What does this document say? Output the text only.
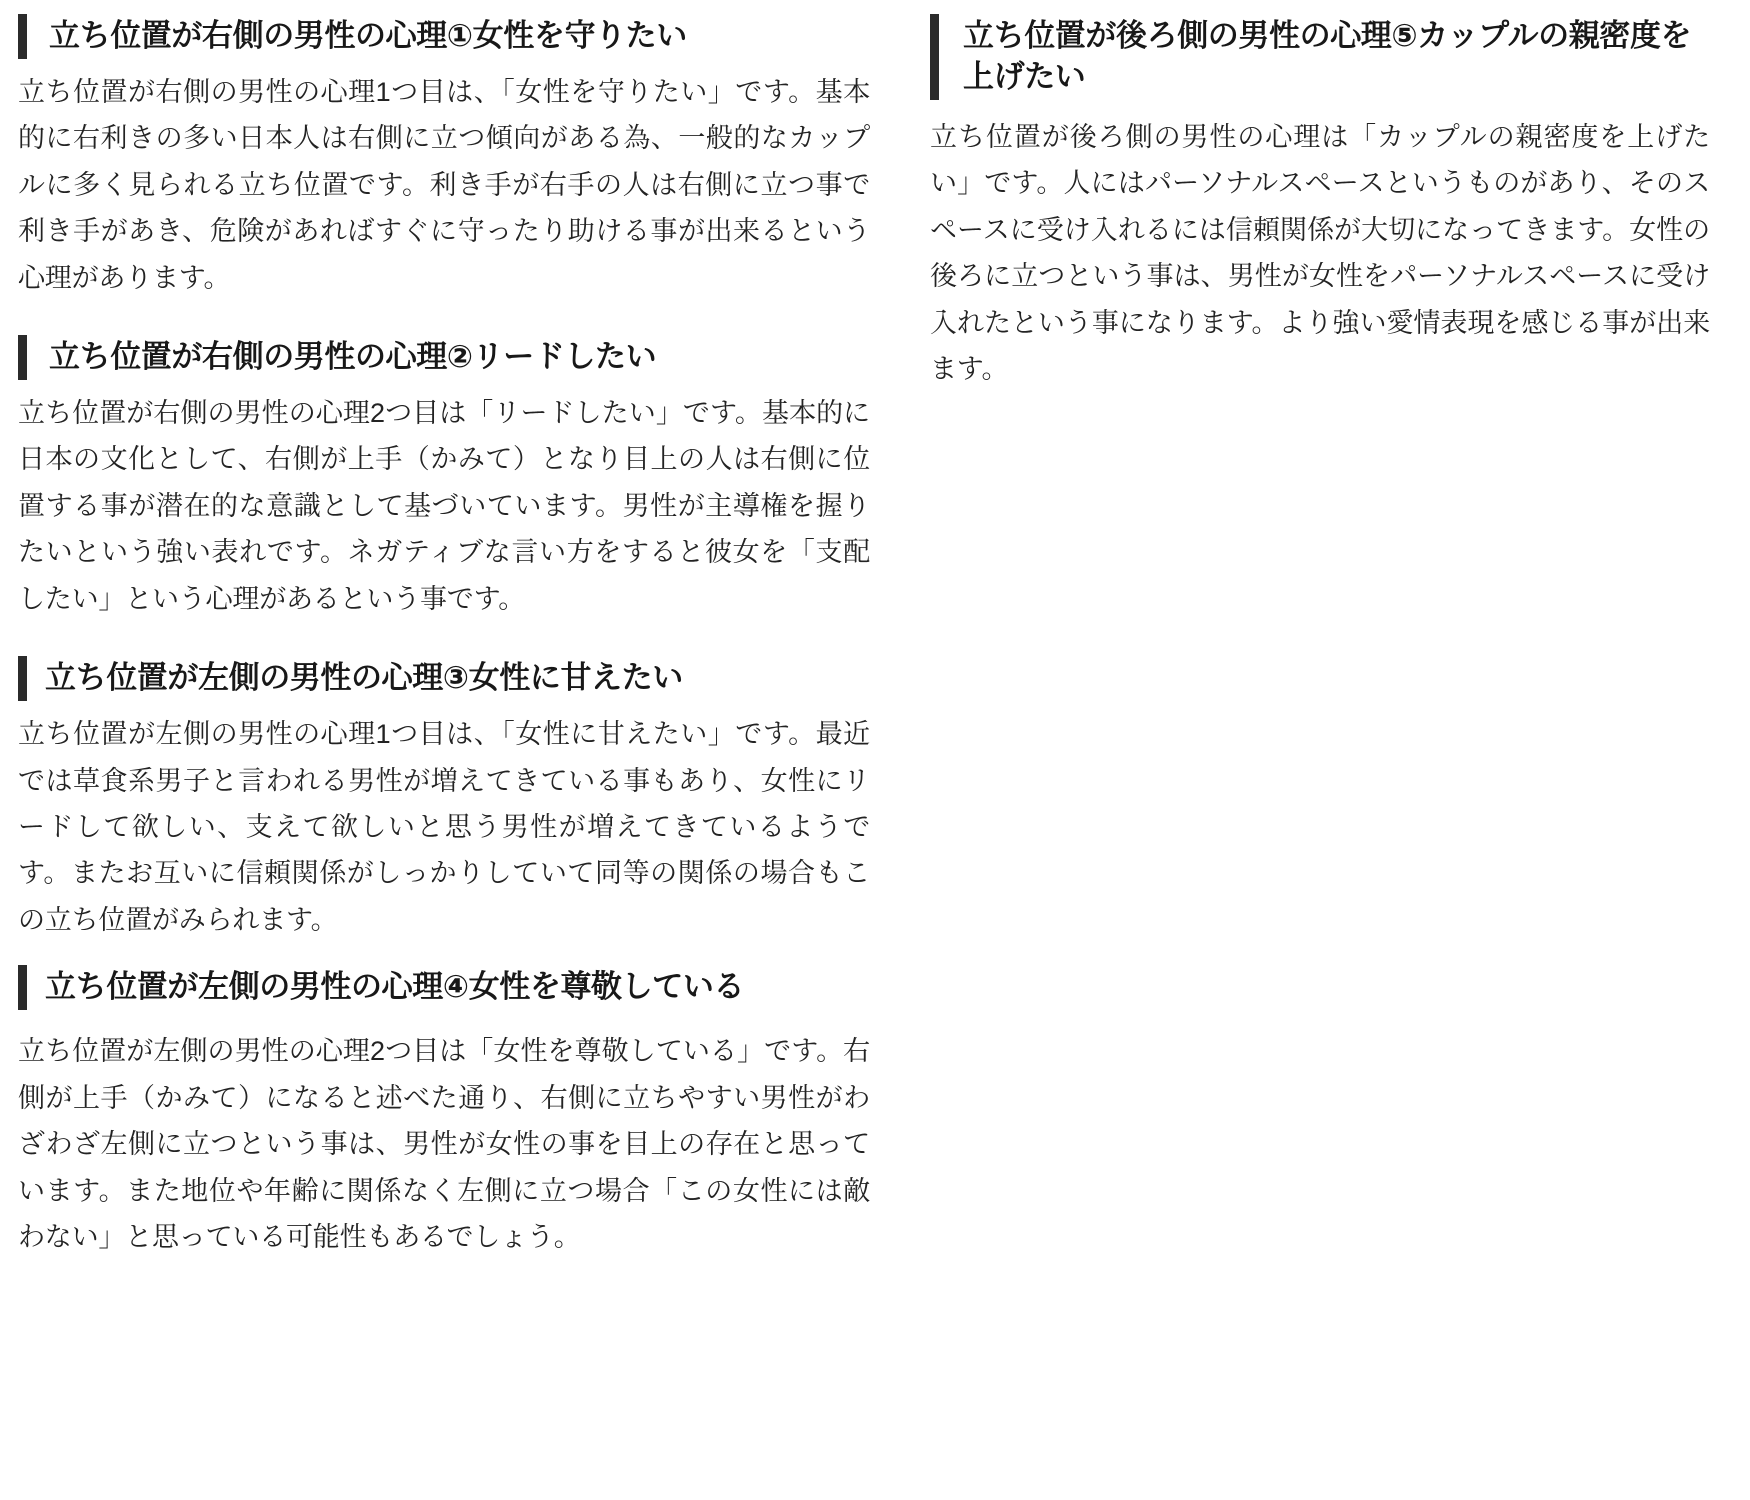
立ち位置が右側の男性の心理①女性を守りたい

立ち位置が右側の男性の心理1つ目は、「女性を守りたい」です。基本的に右利きの多い日本人は右側に立つ傾向がある為、一般的なカップルに多く見られる立ち位置です。利き手が右手の人は右側に立つ事で利き手があき、危険があればすぐに守ったり助ける事が出来るという心理があります。

立ち位置が右側の男性の心理②リードしたい

立ち位置が右側の男性の心理2つ目は「リードしたい」です。基本的に日本の文化として、右側が上手（かみて）となり目上の人は右側に位置する事が潜在的な意識として基づいています。男性が主導権を握りたいという強い表れです。ネガティブな言い方をすると彼女を「支配したい」という心理があるという事です。

立ち位置が左側の男性の心理③女性に甘えたい

立ち位置が左側の男性の心理1つ目は、「女性に甘えたい」です。最近では草食系男子と言われる男性が増えてきている事もあり、女性にリードして欲しい、支えて欲しいと思う男性が増えてきているようです。またお互いに信頼関係がしっかりしていて同等の関係の場合もこの立ち位置がみられます。

立ち位置が左側の男性の心理④女性を尊敬している

立ち位置が左側の男性の心理2つ目は「女性を尊敬している」です。右側が上手（かみて）になると述べた通り、右側に立ちやすい男性がわざわざ左側に立つという事は、男性が女性の事を目上の存在と思っています。また地位や年齢に関係なく左側に立つ場合「この女性には敵わない」と思っている可能性もあるでしょう。

立ち位置が後ろ側の男性の心理⑤カップルの親密度を上げたい

立ち位置が後ろ側の男性の心理は「カップルの親密度を上げたい」です。人にはパーソナルスペースというものがあり、そのスペースに受け入れるには信頼関係が大切になってきます。女性の後ろに立つという事は、男性が女性をパーソナルスペースに受け入れたという事になります。より強い愛情表現を感じる事が出来ます。
